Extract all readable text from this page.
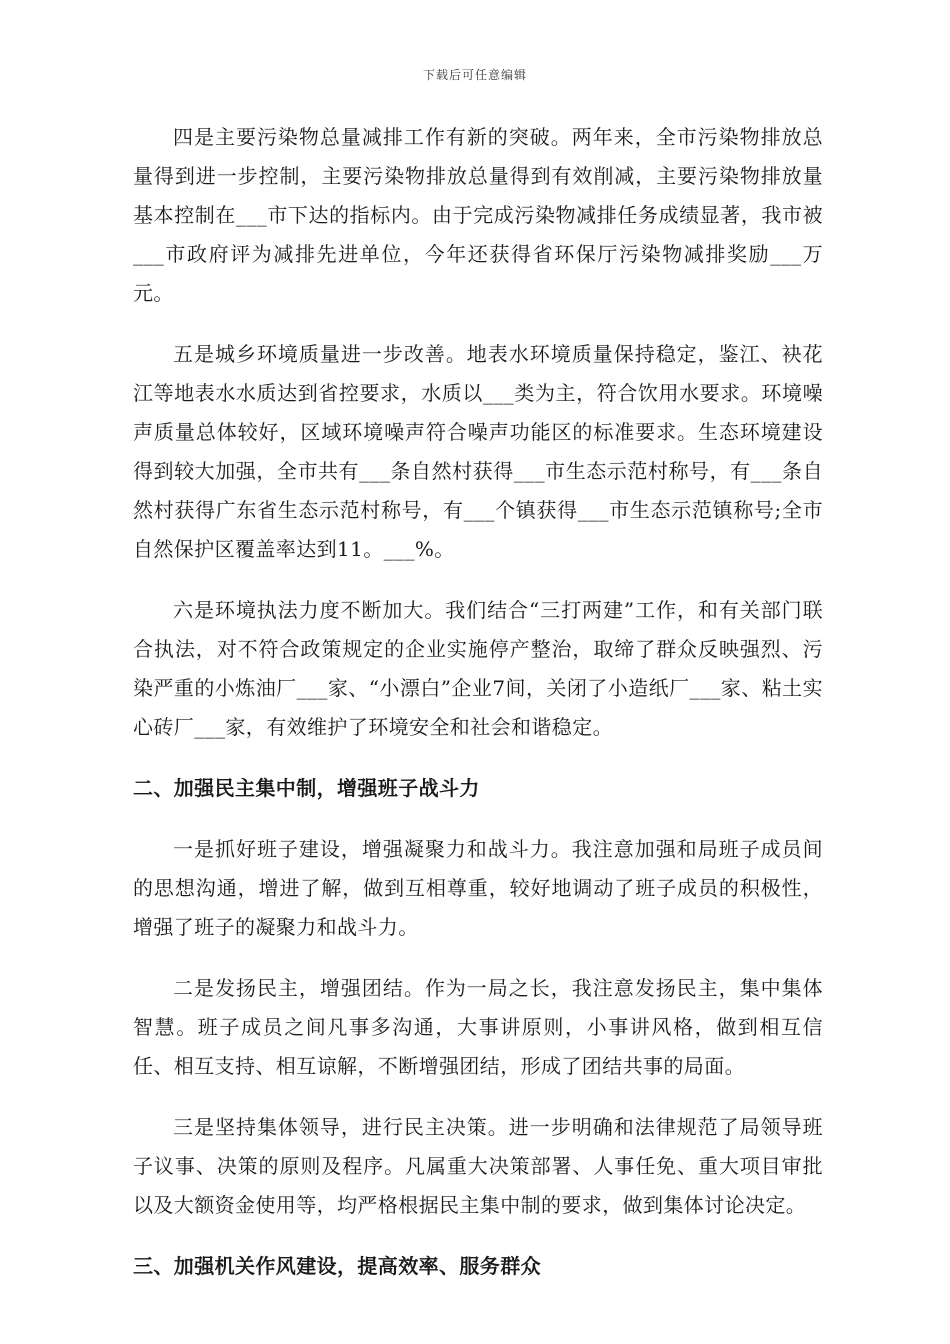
下载后可任意编辑

四是主要污染物总量减排工作有新的突破。两年来，全市污染物排放总量得到进一步控制，主要污染物排放总量得到有效削减，主要污染物排放量基本控制在___市下达的指标内。由于完成污染物减排任务成绩显著，我市被___市政府评为减排先进单位，今年还获得省环保厅污染物减排奖励___万元。

五是城乡环境质量进一步改善。地表水环境质量保持稳定，鉴江、袂花江等地表水水质达到省控要求，水质以___类为主，符合饮用水要求。环境噪声质量总体较好，区域环境噪声符合噪声功能区的标准要求。生态环境建设得到较大加强，全市共有___条自然村获得___市生态示范村称号，有___条自然村获得广东省生态示范村称号，有___个镇获得___市生态示范镇称号;全市自然保护区覆盖率达到11。___%。

六是环境执法力度不断加大。我们结合“三打两建”工作，和有关部门联合执法，对不符合政策规定的企业实施停产整治，取缔了群众反映强烈、污染严重的小炼油厂___家、“小漂白”企业7间，关闭了小造纸厂___家、粘土实心砖厂___家，有效维护了环境安全和社会和谐稳定。

二、加强民主集中制，增强班子战斗力

一是抓好班子建设，增强凝聚力和战斗力。我注意加强和局班子成员间的思想沟通，增进了解，做到互相尊重，较好地调动了班子成员的积极性，增强了班子的凝聚力和战斗力。

二是发扬民主，增强团结。作为一局之长，我注意发扬民主，集中集体智慧。班子成员之间凡事多沟通，大事讲原则，小事讲风格，做到相互信任、相互支持、相互谅解，不断增强团结，形成了团结共事的局面。

三是坚持集体领导，进行民主决策。进一步明确和法律规范了局领导班子议事、决策的原则及程序。凡属重大决策部署、人事任免、重大项目审批以及大额资金使用等，均严格根据民主集中制的要求，做到集体讨论决定。

三、加强机关作风建设，提高效率、服务群众
